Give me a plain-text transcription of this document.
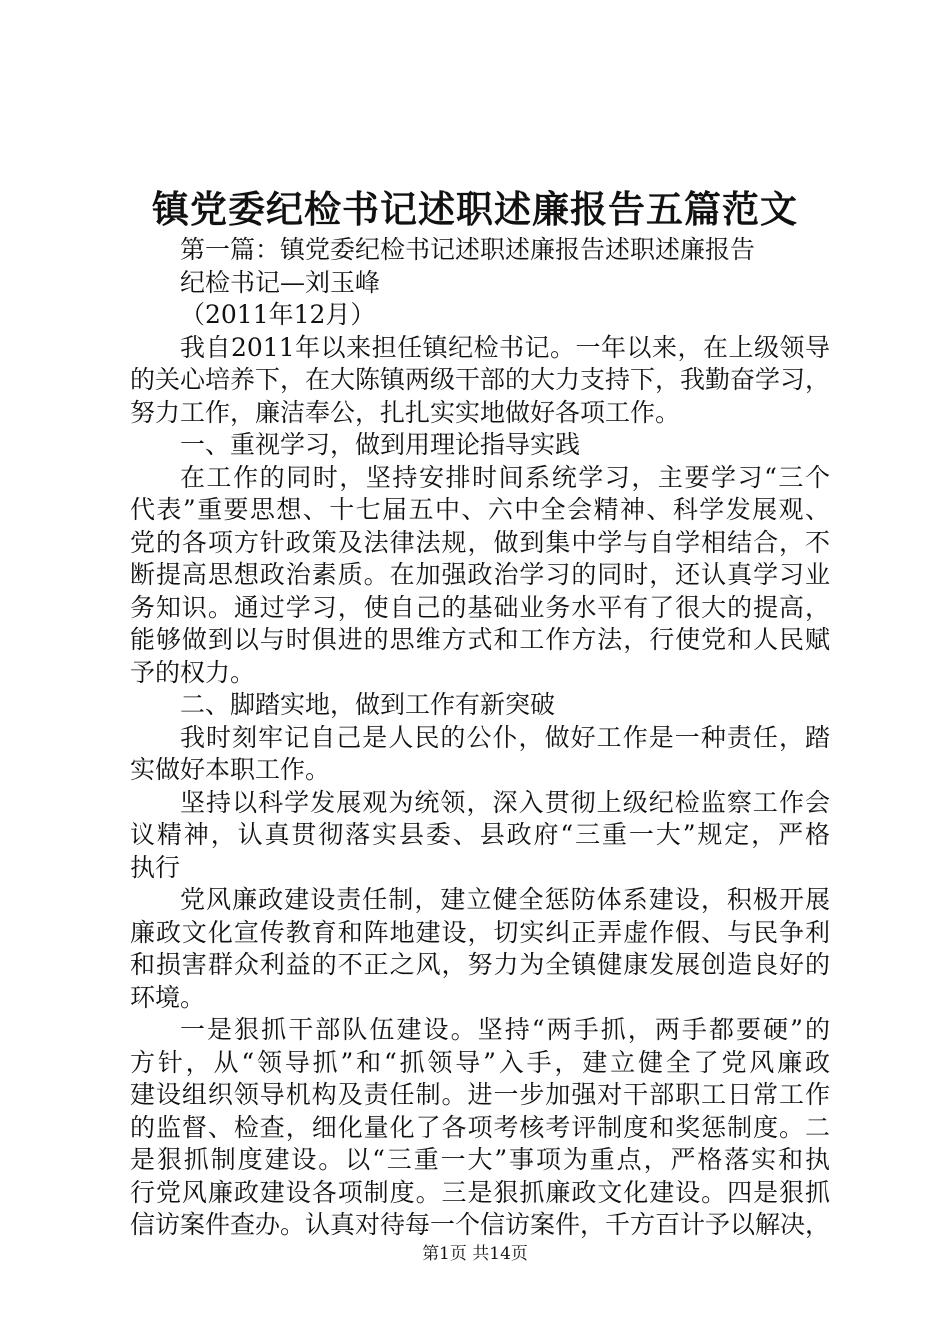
镇党委纪检书记述职述廉报告五篇范文
第一篇：镇党委纪检书记述职述廉报告述职述廉报告
纪检书记—刘玉峰
（2011年12月）
我自2011年以来担任镇纪检书记。一年以来，在上级领导
的关心培养下，在大陈镇两级干部的大力支持下，我勤奋学习，
努力工作，廉洁奉公，扎扎实实地做好各项工作。
一、重视学习，做到用理论指导实践
在工作的同时，坚持安排时间系统学习，主要学习“三个
代表”重要思想、十七届五中、六中全会精神、科学发展观、
党的各项方针政策及法律法规，做到集中学与自学相结合，不
断提高思想政治素质。在加强政治学习的同时，还认真学习业
务知识。通过学习，使自己的基础业务水平有了很大的提高，
能够做到以与时俱进的思维方式和工作方法，行使党和人民赋
予的权力。
二、脚踏实地，做到工作有新突破
我时刻牢记自己是人民的公仆，做好工作是一种责任，踏
实做好本职工作。
坚持以科学发展观为统领，深入贯彻上级纪检监察工作会
议精神，认真贯彻落实县委、县政府“三重一大”规定，严格
执行
党风廉政建设责任制，建立健全惩防体系建设，积极开展
廉政文化宣传教育和阵地建设，切实纠正弄虚作假、与民争利
和损害群众利益的不正之风，努力为全镇健康发展创造良好的
环境。
一是狠抓干部队伍建设。坚持“两手抓，两手都要硬”的
方针，从“领导抓”和“抓领导”入手，建立健全了党风廉政
建设组织领导机构及责任制。进一步加强对干部职工日常工作
的监督、检查，细化量化了各项考核考评制度和奖惩制度。二
是狠抓制度建设。以“三重一大”事项为重点，严格落实和执
行党风廉政建设各项制度。三是狠抓廉政文化建设。四是狠抓
信访案件查办。认真对待每一个信访案件，千方百计予以解决，
第1页 共14页
